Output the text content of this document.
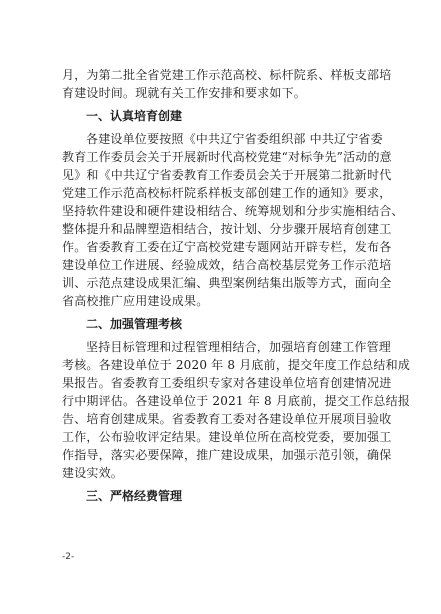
月，为第二批全省党建工作示范高校、标杆院系、样板支部培
育建设时间。现就有关工作安排和要求如下。
一、认真培育创建
各建设单位要按照《中共辽宁省委组织部 中共辽宁省委
教育工作委员会关于开展新时代高校党建“对标争先”活动的意
见》和《中共辽宁省委教育工作委员会关于开展第二批新时代
党建工作示范高校标杆院系样板支部创建工作的通知》要求，
坚持软件建设和硬件建设相结合、统筹规划和分步实施相结合、
整体提升和品牌塑造相结合，按计划、分步骤开展培育创建工
作。省委教育工委在辽宁高校党建专题网站开辟专栏，发布各
建设单位工作进展、经验成效，结合高校基层党务工作示范培
训、示范点建设成果汇编、典型案例结集出版等方式，面向全
省高校推广应用建设成果。
二、加强管理考核
坚持目标管理和过程管理相结合，加强培育创建工作管理
考核。各建设单位于 2020 年 8 月底前，提交年度工作总结和成
果报告。省委教育工委组织专家对各建设单位培育创建情况进
行中期评估。各建设单位于 2021 年 8 月底前，提交工作总结报
告、培育创建成果。省委教育工委对各建设单位开展项目验收
工作，公布验收评定结果。建设单位所在高校党委，要加强工
作指导，落实必要保障，推广建设成果，加强示范引领，确保
建设实效。
三、严格经费管理
-2-
